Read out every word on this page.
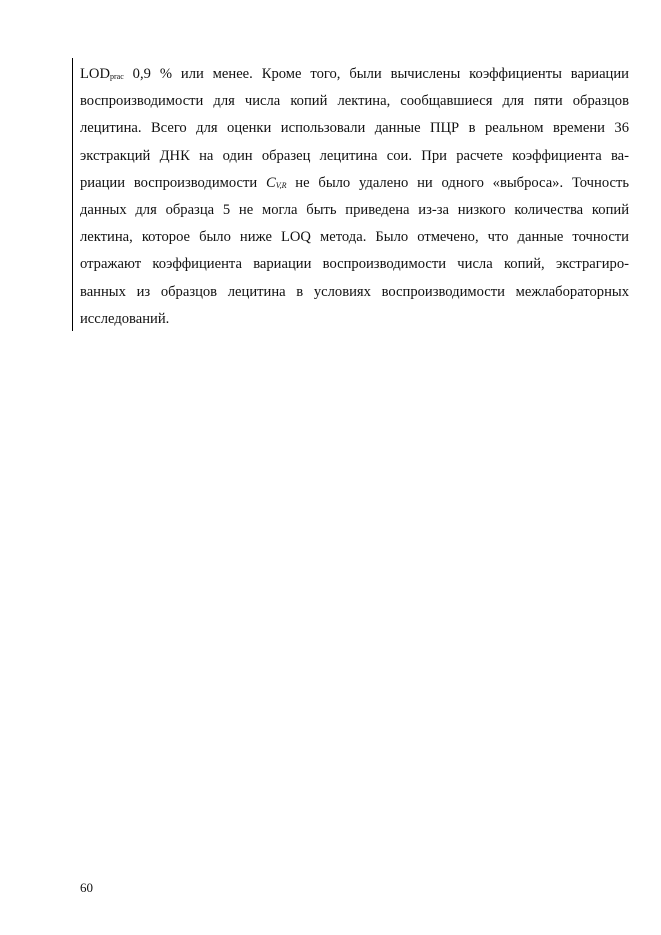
LODprac 0,9 % или менее. Кроме того, были вычислены коэффициенты вариации
воспроизводимости для числа копий лектина, сообщавшиеся для пяти образцов
лецитина. Всего для оценки использовали данные ПЦР в реальном времени 36
экстракций ДНК на один образец лецитина сои. При расчете коэффициента ва-
риации воспроизводимости CV,R не было удалено ни одного «выброса». Точность
данных для образца 5 не могла быть приведена из-за низкого количества копий
лектина, которое было ниже LOQ метода. Было отмечено, что данные точности
отражают коэффициента вариации воспроизводимости числа копий, экстрагиро-
ванных из образцов лецитина в условиях воспроизводимости межлабораторных
исследований.
60
